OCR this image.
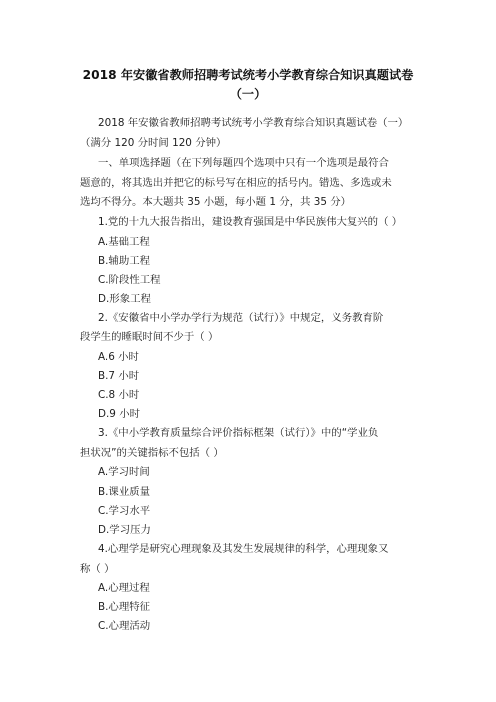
2018 年安徽省教师招聘考试统考小学教育综合知识真题试卷
（一）
2018 年安徽省教师招聘考试统考小学教育综合知识真题试卷（一）
（满分 120 分时间 120 分钟）
一、单项选择题（在下列每题四个选项中只有一个选项是最符合
题意的，将其选出并把它的标号写在相应的括号内。错选、多选或未
选均不得分。本大题共 35 小题，每小题 1 分，共 35 分）
1.党的十九大报告指出，建设教育强国是中华民族伟大复兴的（ ）
A.基础工程
B.辅助工程
C.阶段性工程
D.形象工程
2.《安徽省中小学办学行为规范（试行）》中规定，义务教育阶
段学生的睡眠时间不少于（ ）
A.6 小时
B.7 小时
C.8 小时
D.9 小时
3.《中小学教育质量综合评价指标框架（试行）》中的“学业负
担状况”的关键指标不包括（ ）
A.学习时间
B.课业质量
C.学习水平
D.学习压力
4.心理学是研究心理现象及其发生发展规律的科学，心理现象又
称（ ）
A.心理过程
B.心理特征
C.心理活动
